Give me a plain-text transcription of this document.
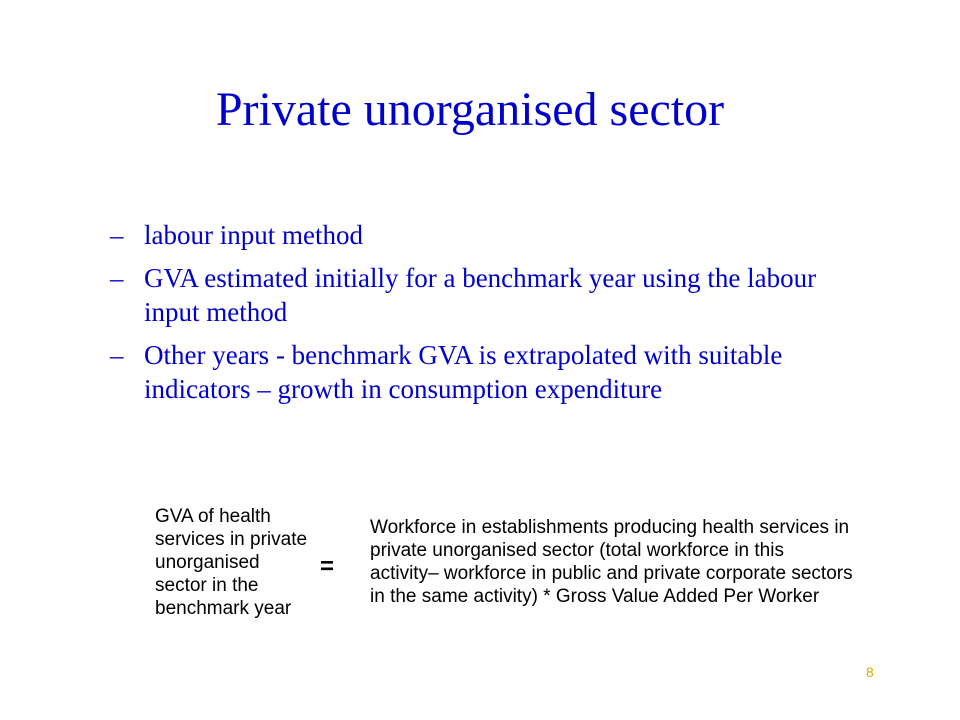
Private unorganised sector
– labour input method
– GVA estimated initially for a benchmark year using the labour input method
– Other years - benchmark GVA is extrapolated with suitable indicators – growth in consumption expenditure
GVA of health
services in private
unorganised
sector in the
benchmark year
=
Workforce in establishments producing health services in
private unorganised sector (total workforce in this
activity– workforce in public and private corporate sectors
in the same activity) * Gross Value Added Per Worker
8
